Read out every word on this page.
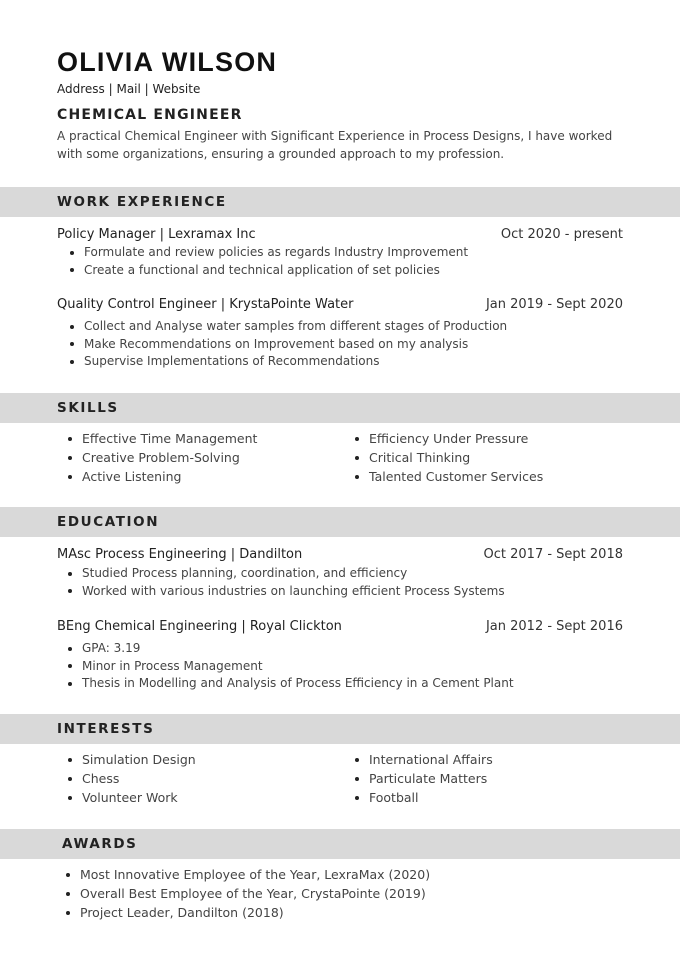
OLIVIA WILSON
Address | Mail | Website
CHEMICAL ENGINEER
A practical Chemical Engineer with Significant Experience in Process Designs, I have worked with some organizations, ensuring a grounded approach to my profession.
WORK EXPERIENCE
Policy Manager | Lexramax Inc	Oct 2020 - present
Formulate and review policies as regards Industry Improvement
Create a functional and technical application of set policies
Quality Control Engineer | KrystaPointe Water	Jan 2019 - Sept 2020
Collect and Analyse water samples from different stages of Production
Make Recommendations on Improvement based on my analysis
Supervise Implementations of Recommendations
SKILLS
Effective Time Management
Creative Problem-Solving
Active Listening
Efficiency Under Pressure
Critical Thinking
Talented Customer Services
EDUCATION
MAsc Process Engineering | Dandilton	Oct 2017 - Sept 2018
Studied Process planning, coordination, and efficiency
Worked with various industries on launching efficient Process Systems
BEng Chemical Engineering | Royal Clickton	Jan 2012 - Sept 2016
GPA: 3.19
Minor in Process Management
Thesis in Modelling and Analysis of Process Efficiency in a Cement Plant
INTERESTS
Simulation Design
Chess
Volunteer Work
International Affairs
Particulate Matters
Football
AWARDS
Most Innovative Employee of the Year, LexraMax (2020)
Overall Best Employee of the Year, CrystaPointe (2019)
Project Leader, Dandilton (2018)
